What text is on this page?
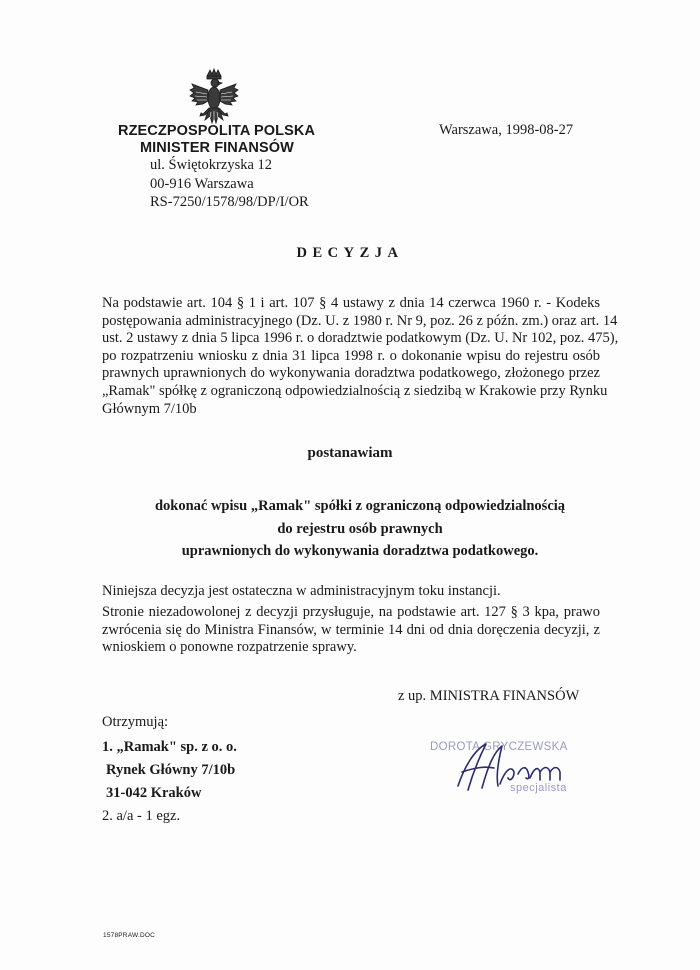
RZECZPOSPOLITA POLSKA
MINISTER FINANSÓW
ul. Świętokrzyska 12
00-916 Warszawa
RS-7250/1578/98/DP/I/OR
Warszawa, 1998-08-27
DECYZJA
Na podstawie art. 104 § 1 i art. 107 § 4 ustawy z dnia 14 czerwca 1960 r. - Kodeks
postępowania administracyjnego (Dz. U. z 1980 r. Nr 9, poz. 26 z późn. zm.) oraz art. 14
ust. 2 ustawy z dnia 5 lipca 1996 r. o doradztwie podatkowym (Dz. U. Nr 102, poz. 475),
po rozpatrzeniu wniosku z dnia 31 lipca 1998 r. o dokonanie wpisu do rejestru osób
prawnych uprawnionych do wykonywania doradztwa podatkowego, złożonego przez
„Ramak" spółkę z ograniczoną odpowiedzialnością z siedzibą w Krakowie przy Rynku
Głównym 7/10b
postanawiam
dokonać wpisu „Ramak" spółki z ograniczoną odpowiedzialnością
do rejestru osób prawnych
uprawnionych do wykonywania doradztwa podatkowego.
Niniejsza decyzja jest ostateczna w administracyjnym toku instancji.
Stronie niezadowolonej z decyzji przysługuje, na podstawie art. 127 § 3 kpa, prawo
zwrócenia się do Ministra Finansów, w terminie 14 dni od dnia doręczenia decyzji, z
wnioskiem o ponowne rozpatrzenie sprawy.
z up. MINISTRA FINANSÓW
DOROTA GRYCZEWSKA
specjalista
Otrzymują:
1. „Ramak" sp. z o. o.
Rynek Główny 7/10b
31-042 Kraków
2. a/a - 1 egz.
1578PRAW.DOC
